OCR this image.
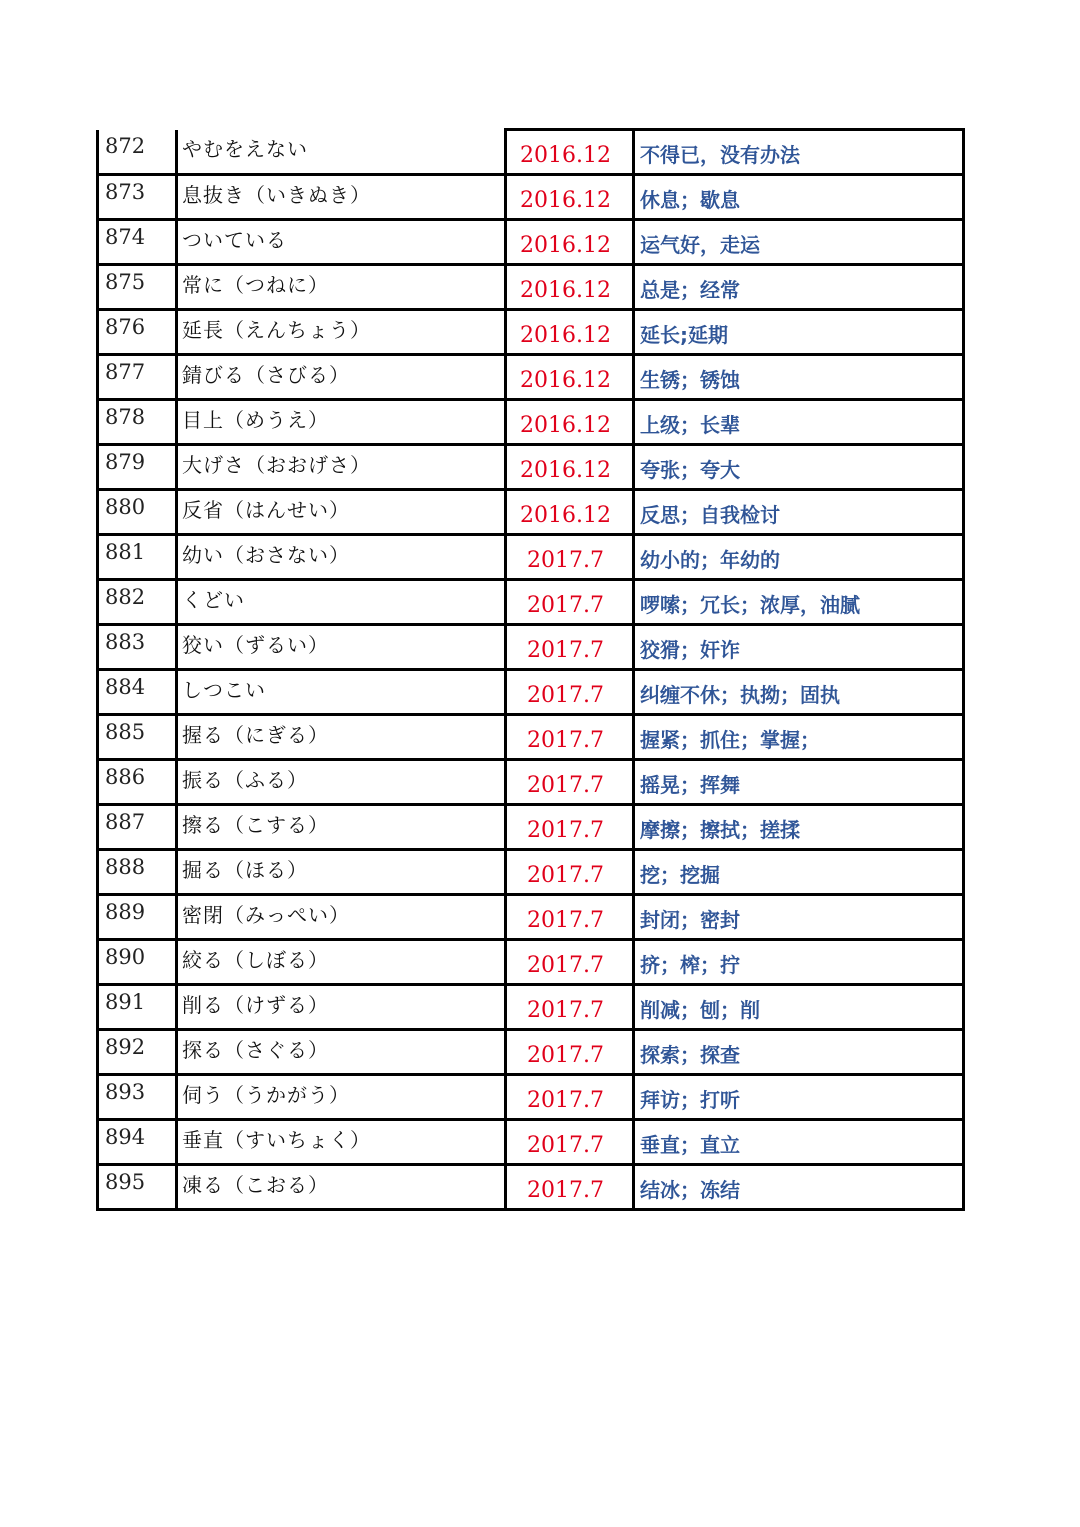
872	やむをえない	2016.12	不得已，没有办法
873	息抜き（いきぬき）	2016.12	休息；歇息
874	ついている	2016.12	运气好，走运
875	常に（つねに）	2016.12	总是；经常
876	延長（えんちょう）	2016.12	延长;延期
877	錆びる（さびる）	2016.12	生锈；锈蚀
878	目上（めうえ）	2016.12	上级；长辈
879	大げさ（おおげさ）	2016.12	夸张；夸大
880	反省（はんせい）	2016.12	反思；自我检讨
881	幼い（おさない）	2017.7	幼小的；年幼的
882	くどい	2017.7	啰嗦；冗长；浓厚，油腻
883	狡い（ずるい）	2017.7	狡猾；奸诈
884	しつこい	2017.7	纠缠不休；执拗；固执
885	握る（にぎる）	2017.7	握紧；抓住；掌握；
886	振る（ふる）	2017.7	摇晃；挥舞
887	擦る（こする）	2017.7	摩擦；擦拭；搓揉
888	掘る（ほる）	2017.7	挖；挖掘
889	密閉（みっぺい）	2017.7	封闭；密封
890	絞る（しぼる）	2017.7	挤；榨；拧
891	削る（けずる）	2017.7	削减；刨；削
892	探る（さぐる）	2017.7	探索；探查
893	伺う（うかがう）	2017.7	拜访；打听
894	垂直（すいちょく）	2017.7	垂直；直立
895	凍る（こおる）	2017.7	结冰；冻结
